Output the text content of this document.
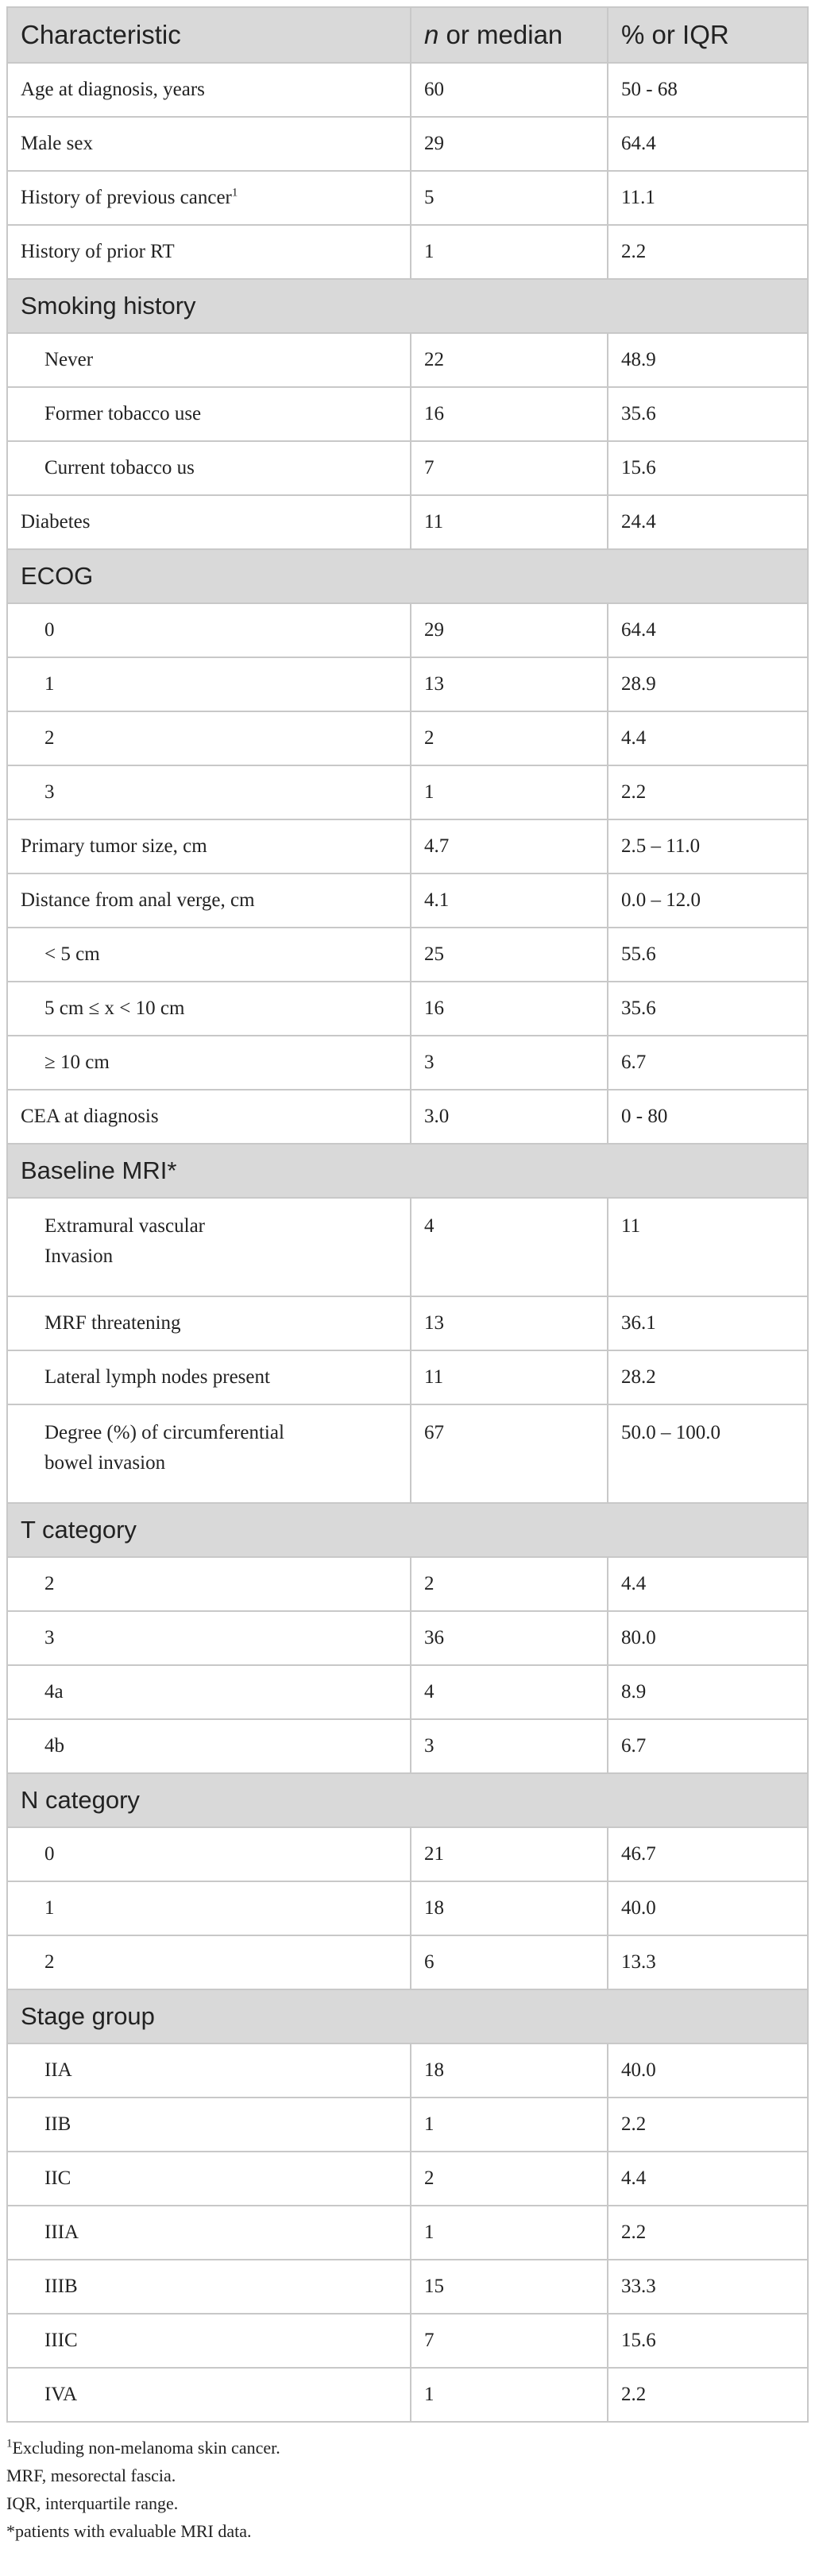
Characteristic	n or median	% or IQR
Age at diagnosis, years	60	50 - 68
Male sex	29	64.4
History of previous cancer$^1$	5	11.1
History of prior RT	1	2.2
Smoking history		
Never	22	48.9
Former tobacco use	16	35.6
Current tobacco us	7	15.6
Diabetes	11	24.4
ECOG		
0	29	64.4
1	13	28.9
2	2	4.4
3	1	2.2
Primary tumor size, cm	4.7	2.5 – 11.0
Distance from anal verge, cm	4.1	0.0 – 12.0
< 5 cm	25	55.6
5 cm ≤ x < 10 cm	16	35.6
≥ 10 cm	3	6.7
CEA at diagnosis	3.0	0 - 80
Baseline MRI*		

Extramural vascular
Invasion	4	11
MRF threatening	13	36.1
Lateral lymph nodes present	11	28.2

Degree (%) of circumferential
bowel invasion	67	50.0 – 100.0
T category		
2	2	4.4
3	36	80.0
4a	4	8.9
4b	3	6.7
N category		
0	21	46.7
1	18	40.0
2	6	13.3
Stage group		
IIA	18	40.0
IIB	1	2.2
IIC	2	4.4
IIIA	1	2.2
IIIB	15	33.3
IIIC	7	15.6
IVA	1	2.2
$^1$Excluding non-melanoma skin cancer.
MRF, mesorectal fascia.
IQR, interquartile range.
*patients with evaluable MRI data.
